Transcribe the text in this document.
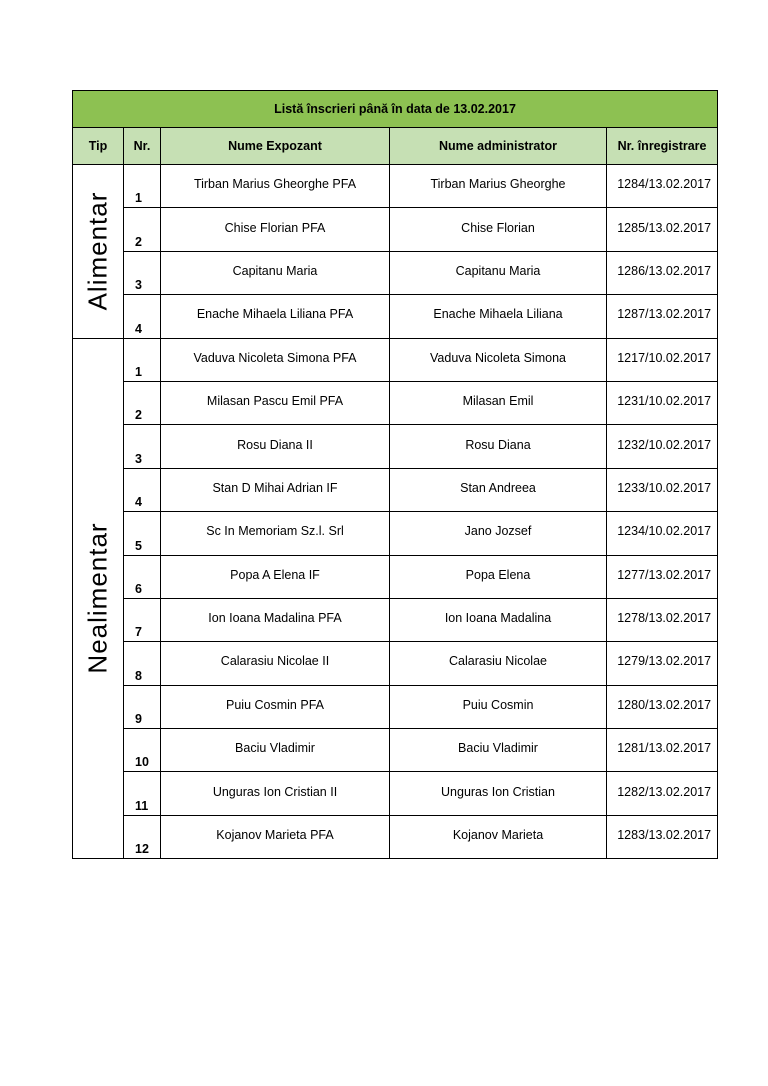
Listă înscrieri până în data de 13.02.2017				
Tip	Nr.	Nume Expozant	Nume administrator	Nr. înregistrare

Alimentar	1	Tirban Marius Gheorghe PFA	Tirban Marius Gheorghe	1284/13.02.2017
	2	Chise Florian PFA	Chise Florian	1285/13.02.2017
	3	Capitanu Maria	Capitanu Maria	1286/13.02.2017
	4	Enache Mihaela Liliana PFA	Enache Mihaela Liliana	1287/13.02.2017

Nealimentar	1	Vaduva Nicoleta Simona PFA	Vaduva Nicoleta Simona	1217/10.02.2017
	2	Milasan Pascu Emil PFA	Milasan Emil	1231/10.02.2017
	3	Rosu Diana II	Rosu Diana	1232/10.02.2017
	4	Stan D Mihai Adrian IF	Stan Andreea	1233/10.02.2017
	5	Sc In Memoriam Sz.l. Srl	Jano Jozsef	1234/10.02.2017
	6	Popa A Elena IF	Popa Elena	1277/13.02.2017
	7	Ion Ioana Madalina PFA	Ion Ioana Madalina	1278/13.02.2017
	8	Calarasiu Nicolae II	Calarasiu Nicolae	1279/13.02.2017
	9	Puiu Cosmin PFA	Puiu Cosmin	1280/13.02.2017
	10	Baciu Vladimir	Baciu Vladimir	1281/13.02.2017
	11	Unguras Ion Cristian II	Unguras Ion Cristian	1282/13.02.2017
	12	Kojanov Marieta PFA	Kojanov Marieta	1283/13.02.2017
